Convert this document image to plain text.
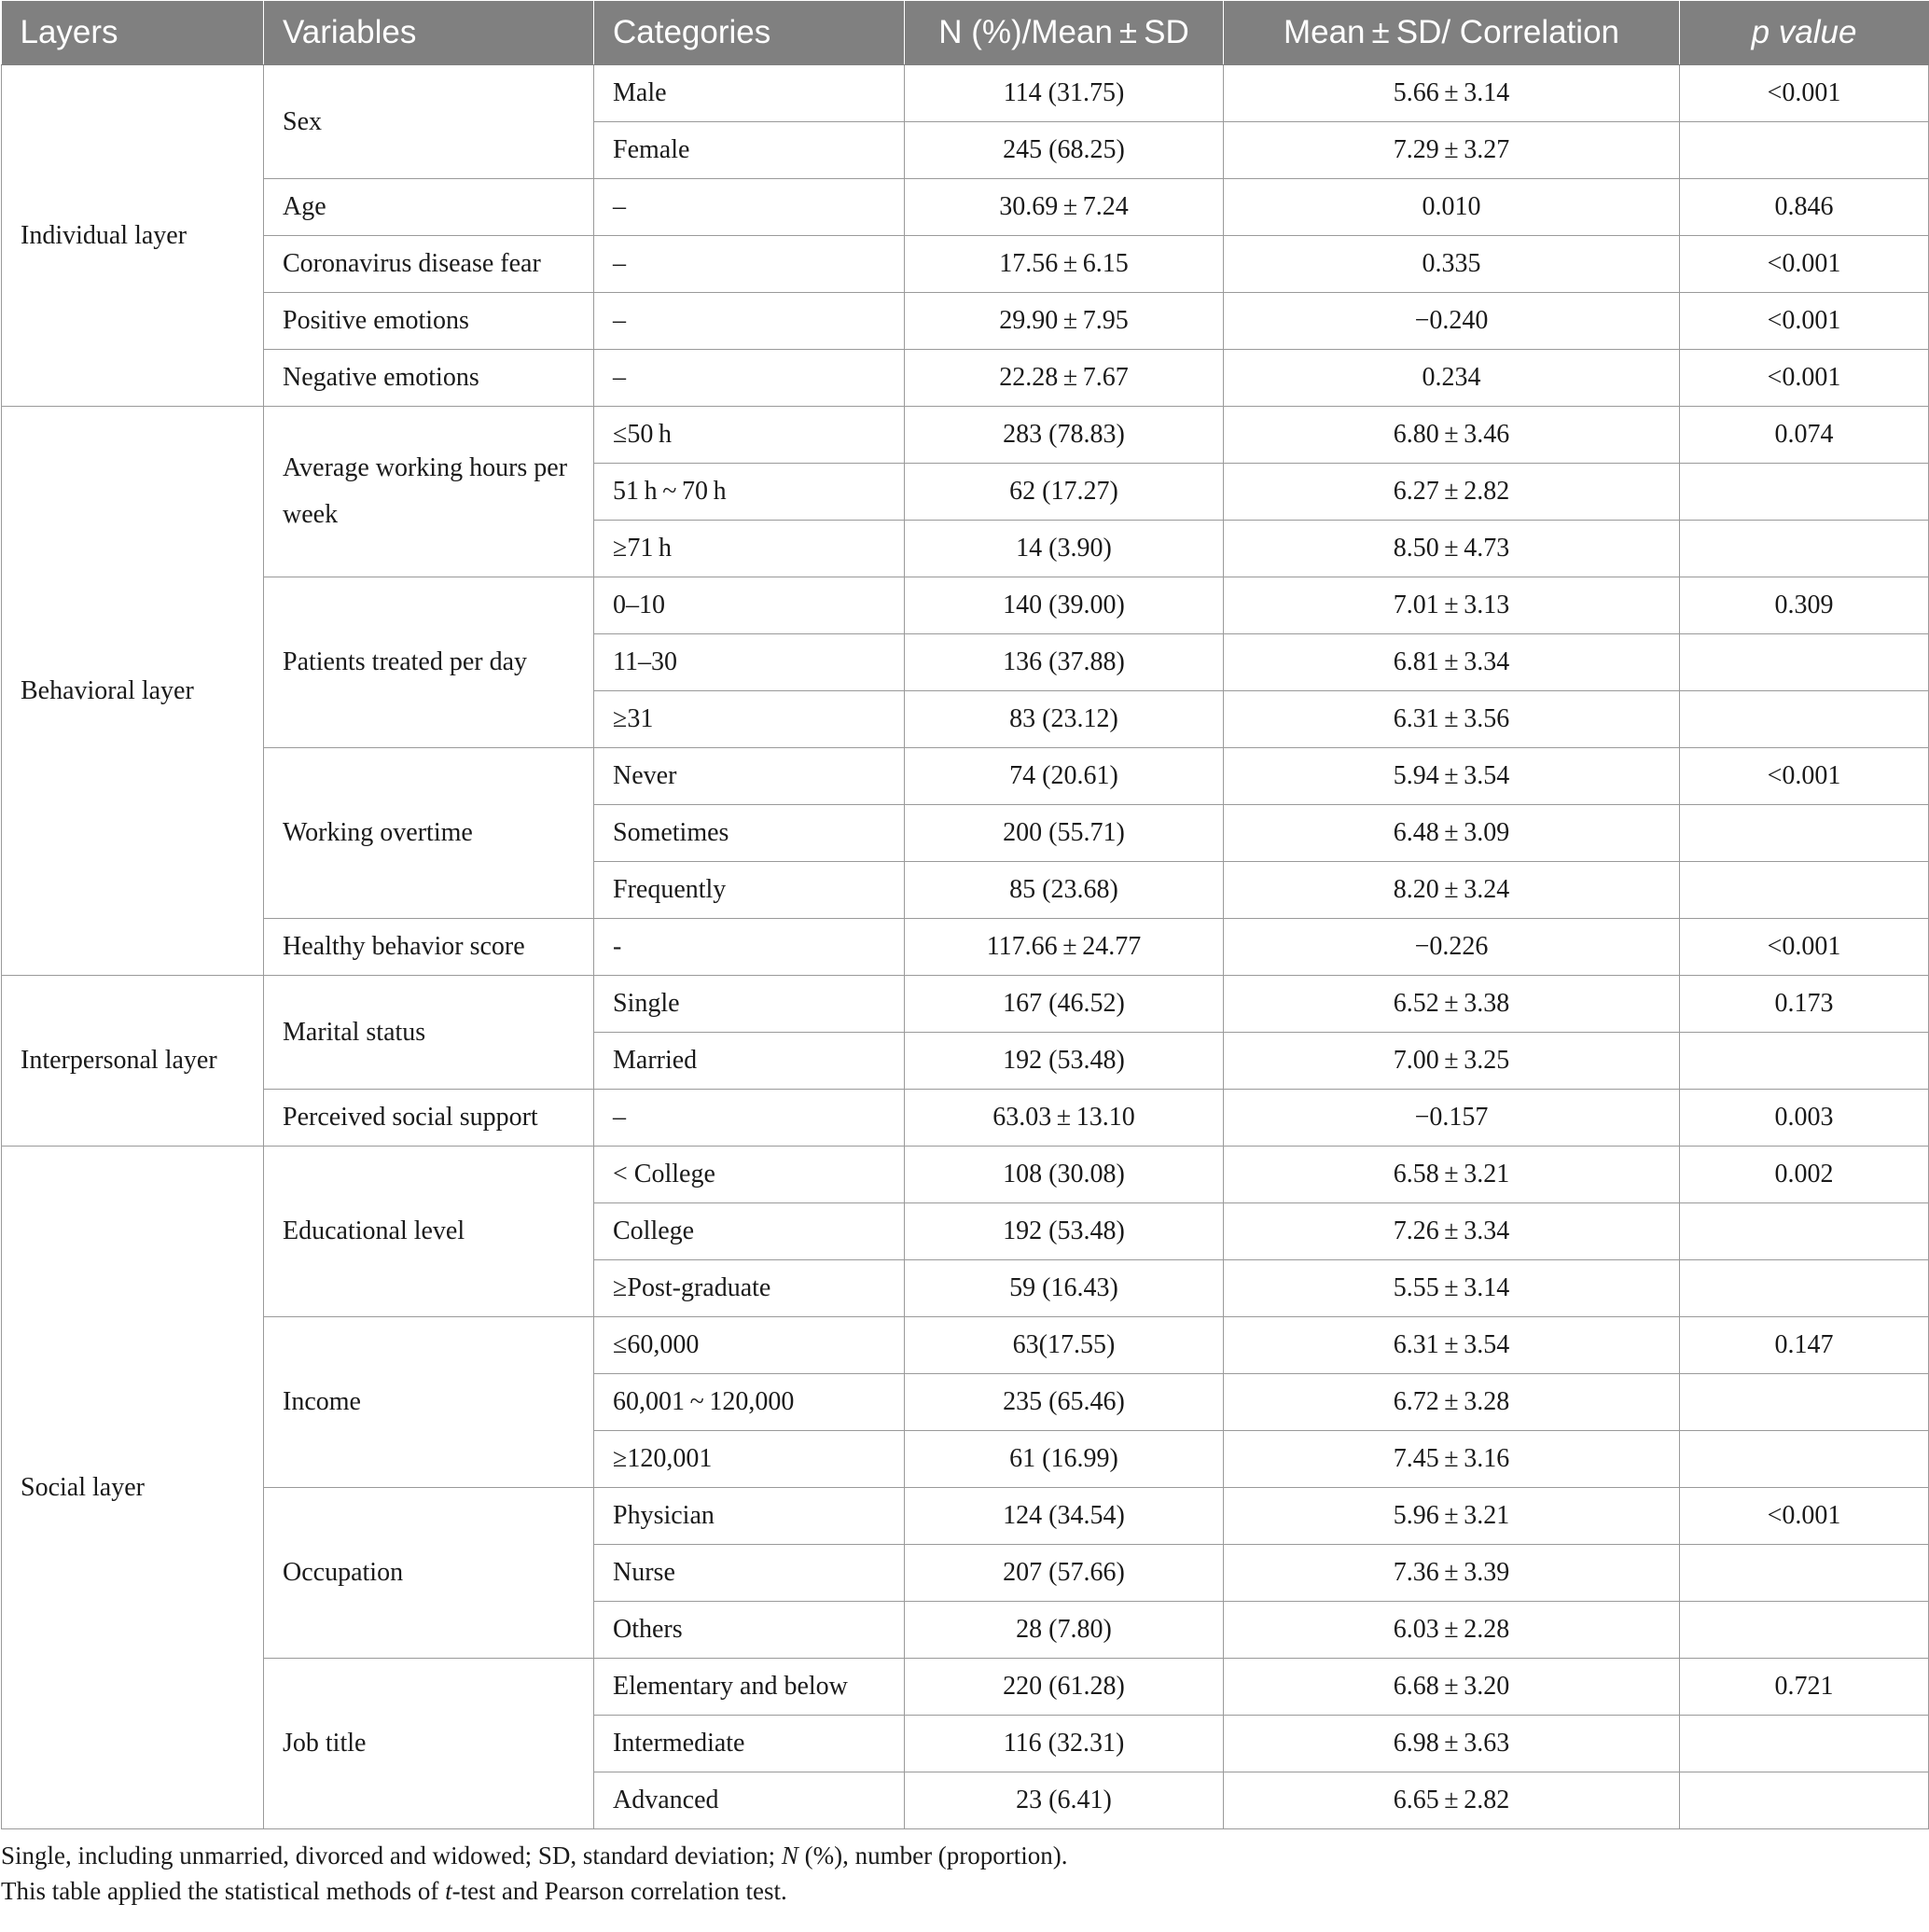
Layers	Variables	Categories	N (%)/Mean ± SD	Mean ± SD/ Correlation	p value
Individual layer	Sex	Male	114 (31.75)	5.66 ± 3.14	<0.001
		Female	245 (68.25)	7.29 ± 3.27	
	Age	–	30.69 ± 7.24	0.010	0.846
	Coronavirus disease fear	–	17.56 ± 6.15	0.335	<0.001
	Positive emotions	–	29.90 ± 7.95	−0.240	<0.001
	Negative emotions	–	22.28 ± 7.67	0.234	<0.001
Behavioral layer	Average working hours per week	≤50 h	283 (78.83)	6.80 ± 3.46	0.074
		51 h ~ 70 h	62 (17.27)	6.27 ± 2.82	
		≥71 h	14 (3.90)	8.50 ± 4.73	
	Patients treated per day	0–10	140 (39.00)	7.01 ± 3.13	0.309
		11–30	136 (37.88)	6.81 ± 3.34	
		≥31	83 (23.12)	6.31 ± 3.56	
	Working overtime	Never	74 (20.61)	5.94 ± 3.54	<0.001
		Sometimes	200 (55.71)	6.48 ± 3.09	
		Frequently	85 (23.68)	8.20 ± 3.24	
	Healthy behavior score	-	117.66 ± 24.77	−0.226	<0.001
Interpersonal layer	Marital status	Single	167 (46.52)	6.52 ± 3.38	0.173
		Married	192 (53.48)	7.00 ± 3.25	
	Perceived social support	–	63.03 ± 13.10	−0.157	0.003
Social layer	Educational level	< College	108 (30.08)	6.58 ± 3.21	0.002
		College	192 (53.48)	7.26 ± 3.34	
		≥Post-graduate	59 (16.43)	5.55 ± 3.14	
	Income	≤60,000	63(17.55)	6.31 ± 3.54	0.147
		60,001 ~ 120,000	235 (65.46)	6.72 ± 3.28	
		≥120,001	61 (16.99)	7.45 ± 3.16	
	Occupation	Physician	124 (34.54)	5.96 ± 3.21	<0.001
		Nurse	207 (57.66)	7.36 ± 3.39	
		Others	28 (7.80)	6.03 ± 2.28	
	Job title	Elementary and below	220 (61.28)	6.68 ± 3.20	0.721
		Intermediate	116 (32.31)	6.98 ± 3.63	
		Advanced	23 (6.41)	6.65 ± 2.82	

Single, including unmarried, divorced and widowed; SD, standard deviation; N (%), number (proportion).

This table applied the statistical methods of t-test and Pearson correlation test.
